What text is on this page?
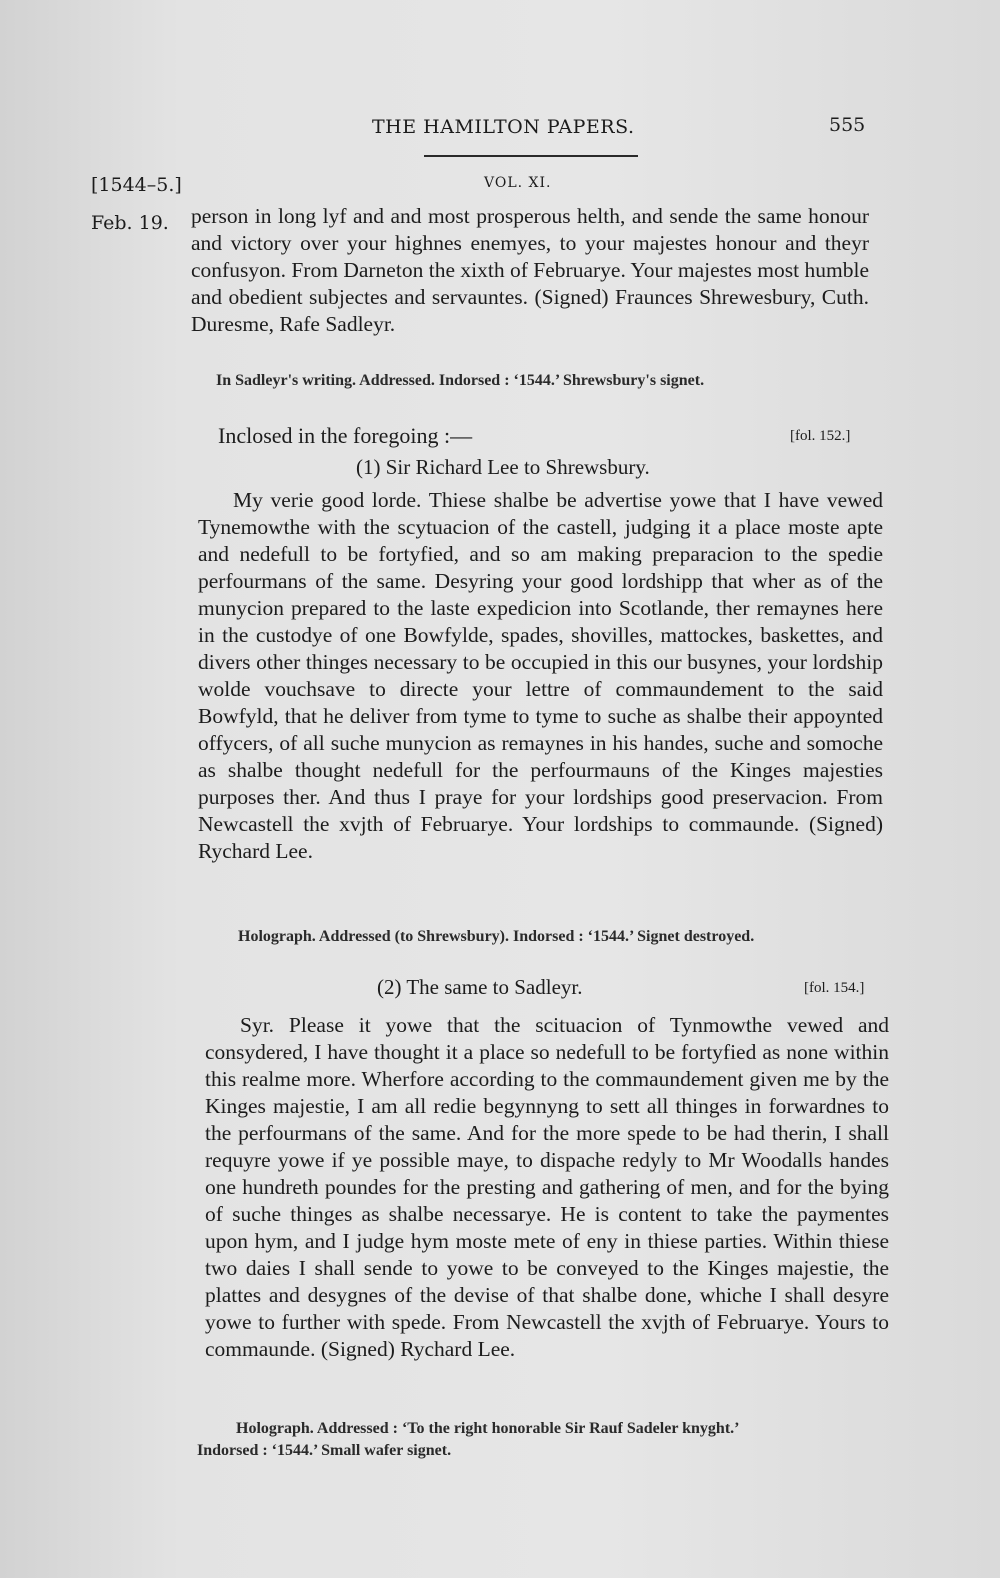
THE HAMILTON PAPERS.	555
[1544–5.]	VOL. XI.
Feb. 19. person in long lyf and and most prosperous helth, and sende the same honour and victory over your highnes enemyes, to your majestes honour and theyr confusyon. From Darneton the xixth of Februarye. Your majestes most humble and obedient subjectes and servauntes. (Signed) Fraunces Shrewesbury, Cuth. Duresme, Rafe Sadleyr.

In Sadleyr's writing. Addressed. Indorsed : ‘1544.’ Shrewsbury's signet.
Inclosed in the foregoing :—	[fol. 152.]
(1) Sir Richard Lee to Shrewsbury.

My verie good lorde. Thiese shalbe be advertise yowe that I have vewed Tynemowthe with the scytuacion of the castell, judging it a place moste apte and nedefull to be fortyfied, and so am making preparacion to the spedie perfourmans of the same. Desyring your good lordshipp that wher as of the munycion prepared to the laste expedicion into Scotlande, ther remaynes here in the custodye of one Bowfylde, spades, shovilles, mattockes, baskettes, and divers other thinges necessary to be occupied in this our busynes, your lordship wolde vouchsave to directe your lettre of commaundement to the said Bowfyld, that he deliver from tyme to tyme to suche as shalbe their appoynted offycers, of all suche munycion as remaynes in his handes, suche and somoche as shalbe thought nedefull for the perfourmauns of the Kinges majesties purposes ther. And thus I praye for your lordships good preservacion. From Newcastell the xvjth of Februarye. Your lordships to commaunde. (Signed) Rychard Lee.

Holograph. Addressed (to Shrewsbury). Indorsed : ‘1544.’ Signet destroyed.
(2) The same to Sadleyr.	[fol. 154.]

Syr. Please it yowe that the scituacion of Tynmowthe vewed and consydered, I have thought it a place so nedefull to be fortyfied as none within this realme more. Wherfore according to the commaundement given me by the Kinges majestie, I am all redie begynnyng to sett all thinges in forwardnes to the perfourmans of the same. And for the more spede to be had therin, I shall requyre yowe if ye possible maye, to dispache redyly to Mr Woodalls handes one hundreth poundes for the presting and gathering of men, and for the bying of suche thinges as shalbe necessarye. He is content to take the paymentes upon hym, and I judge hym moste mete of eny in thiese parties. Within thiese two daies I shall sende to yowe to be conveyed to the Kinges majestie, the plattes and desygnes of the devise of that shalbe done, whiche I shall desyre yowe to further with spede. From Newcastell the xvjth of Februarye. Yours to commaunde. (Signed) Rychard Lee.

Holograph. Addressed : ‘To the right honorable Sir Rauf Sadeler knyght.’
Indorsed : ‘1544.’ Small wafer signet.
